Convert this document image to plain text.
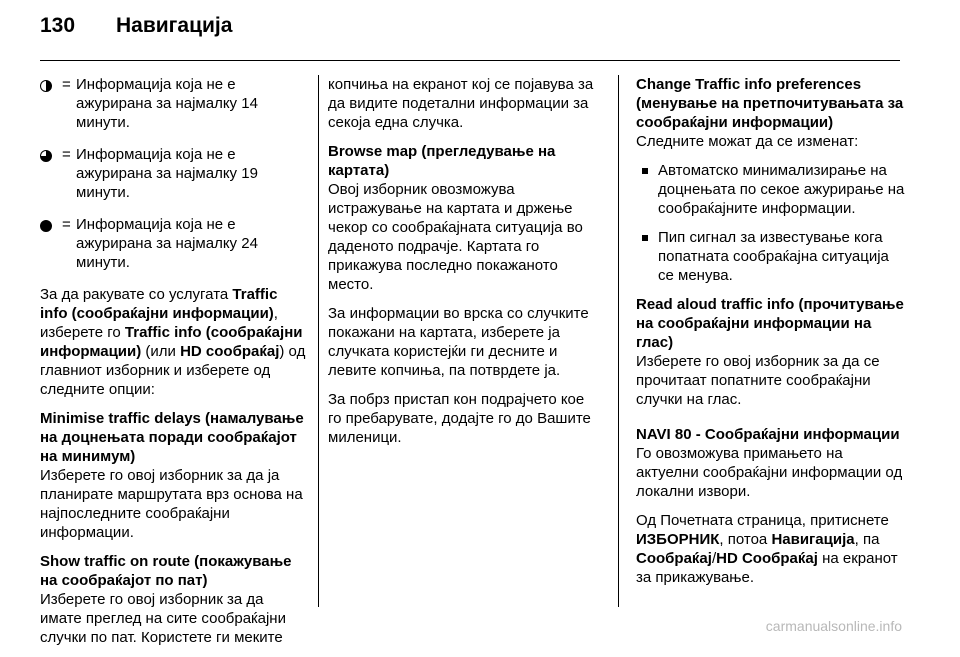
130 Навигација
= Информација која не е ажурирана за најмалку 14 минути.
= Информација која не е ажурирана за најмалку 19 минути.
= Информација која не е ажурирана за најмалку 24 минути.

За да ракувате со услугата Traffic info (сообраќајни информации), изберете го Traffic info (сообраќајни информации) (или HD сообраќај) од главниот изборник и изберете од следните опции:

Minimise traffic delays (намалување на доцнењата поради сообраќајот на минимум)
Изберете го овој изборник за да ја планирате маршрутата врз основа на најпоследните сообраќајни информации.

Show traffic on route (покажување на сообраќајот по пат)
Изберете го овој изборник за да имате преглед на сите сообраќајни случки по пат. Користете ги меките

копчиња на екранот кој се појавува за да видите подетални информации за секоја една случка.

Browse map (прегледување на картата)
Овој изборник овозможува истражување на картата и држење чекор со сообраќајната ситуација во даденото подрачје. Картата го прикажува последно покажаното место.

За информации во врска со случките покажани на картата, изберете ја случката користејќи ги десните и левите копчиња, па потврдете ја.

За побрз пристап кон подрајчето кое го пребарувате, додајте го до Вашите миленици.

Change Traffic info preferences (менување на претпочитувањата за сообраќајни информации)
Следните можат да се изменат:

Автоматско минимализирање на доцнењата по секое ажурирање на сообраќајните информации.
Пип сигнал за известување кога попатната сообраќајна ситуација се менува.

Read aloud traffic info (прочитување на сообраќајни информации на глас)
Изберете го овој изборник за да се прочитаат попатните сообраќајни случки на глас.

NAVI 80 - Сообраќајни информации
Го овозможува примањето на актуелни сообраќајни информации од локални извори.

Од Почетната страница, притиснете ИЗБОРНИК, потоа Навигација, па Сообраќај/HD Сообраќај на екранот за прикажување.

carmanualsonline.info
